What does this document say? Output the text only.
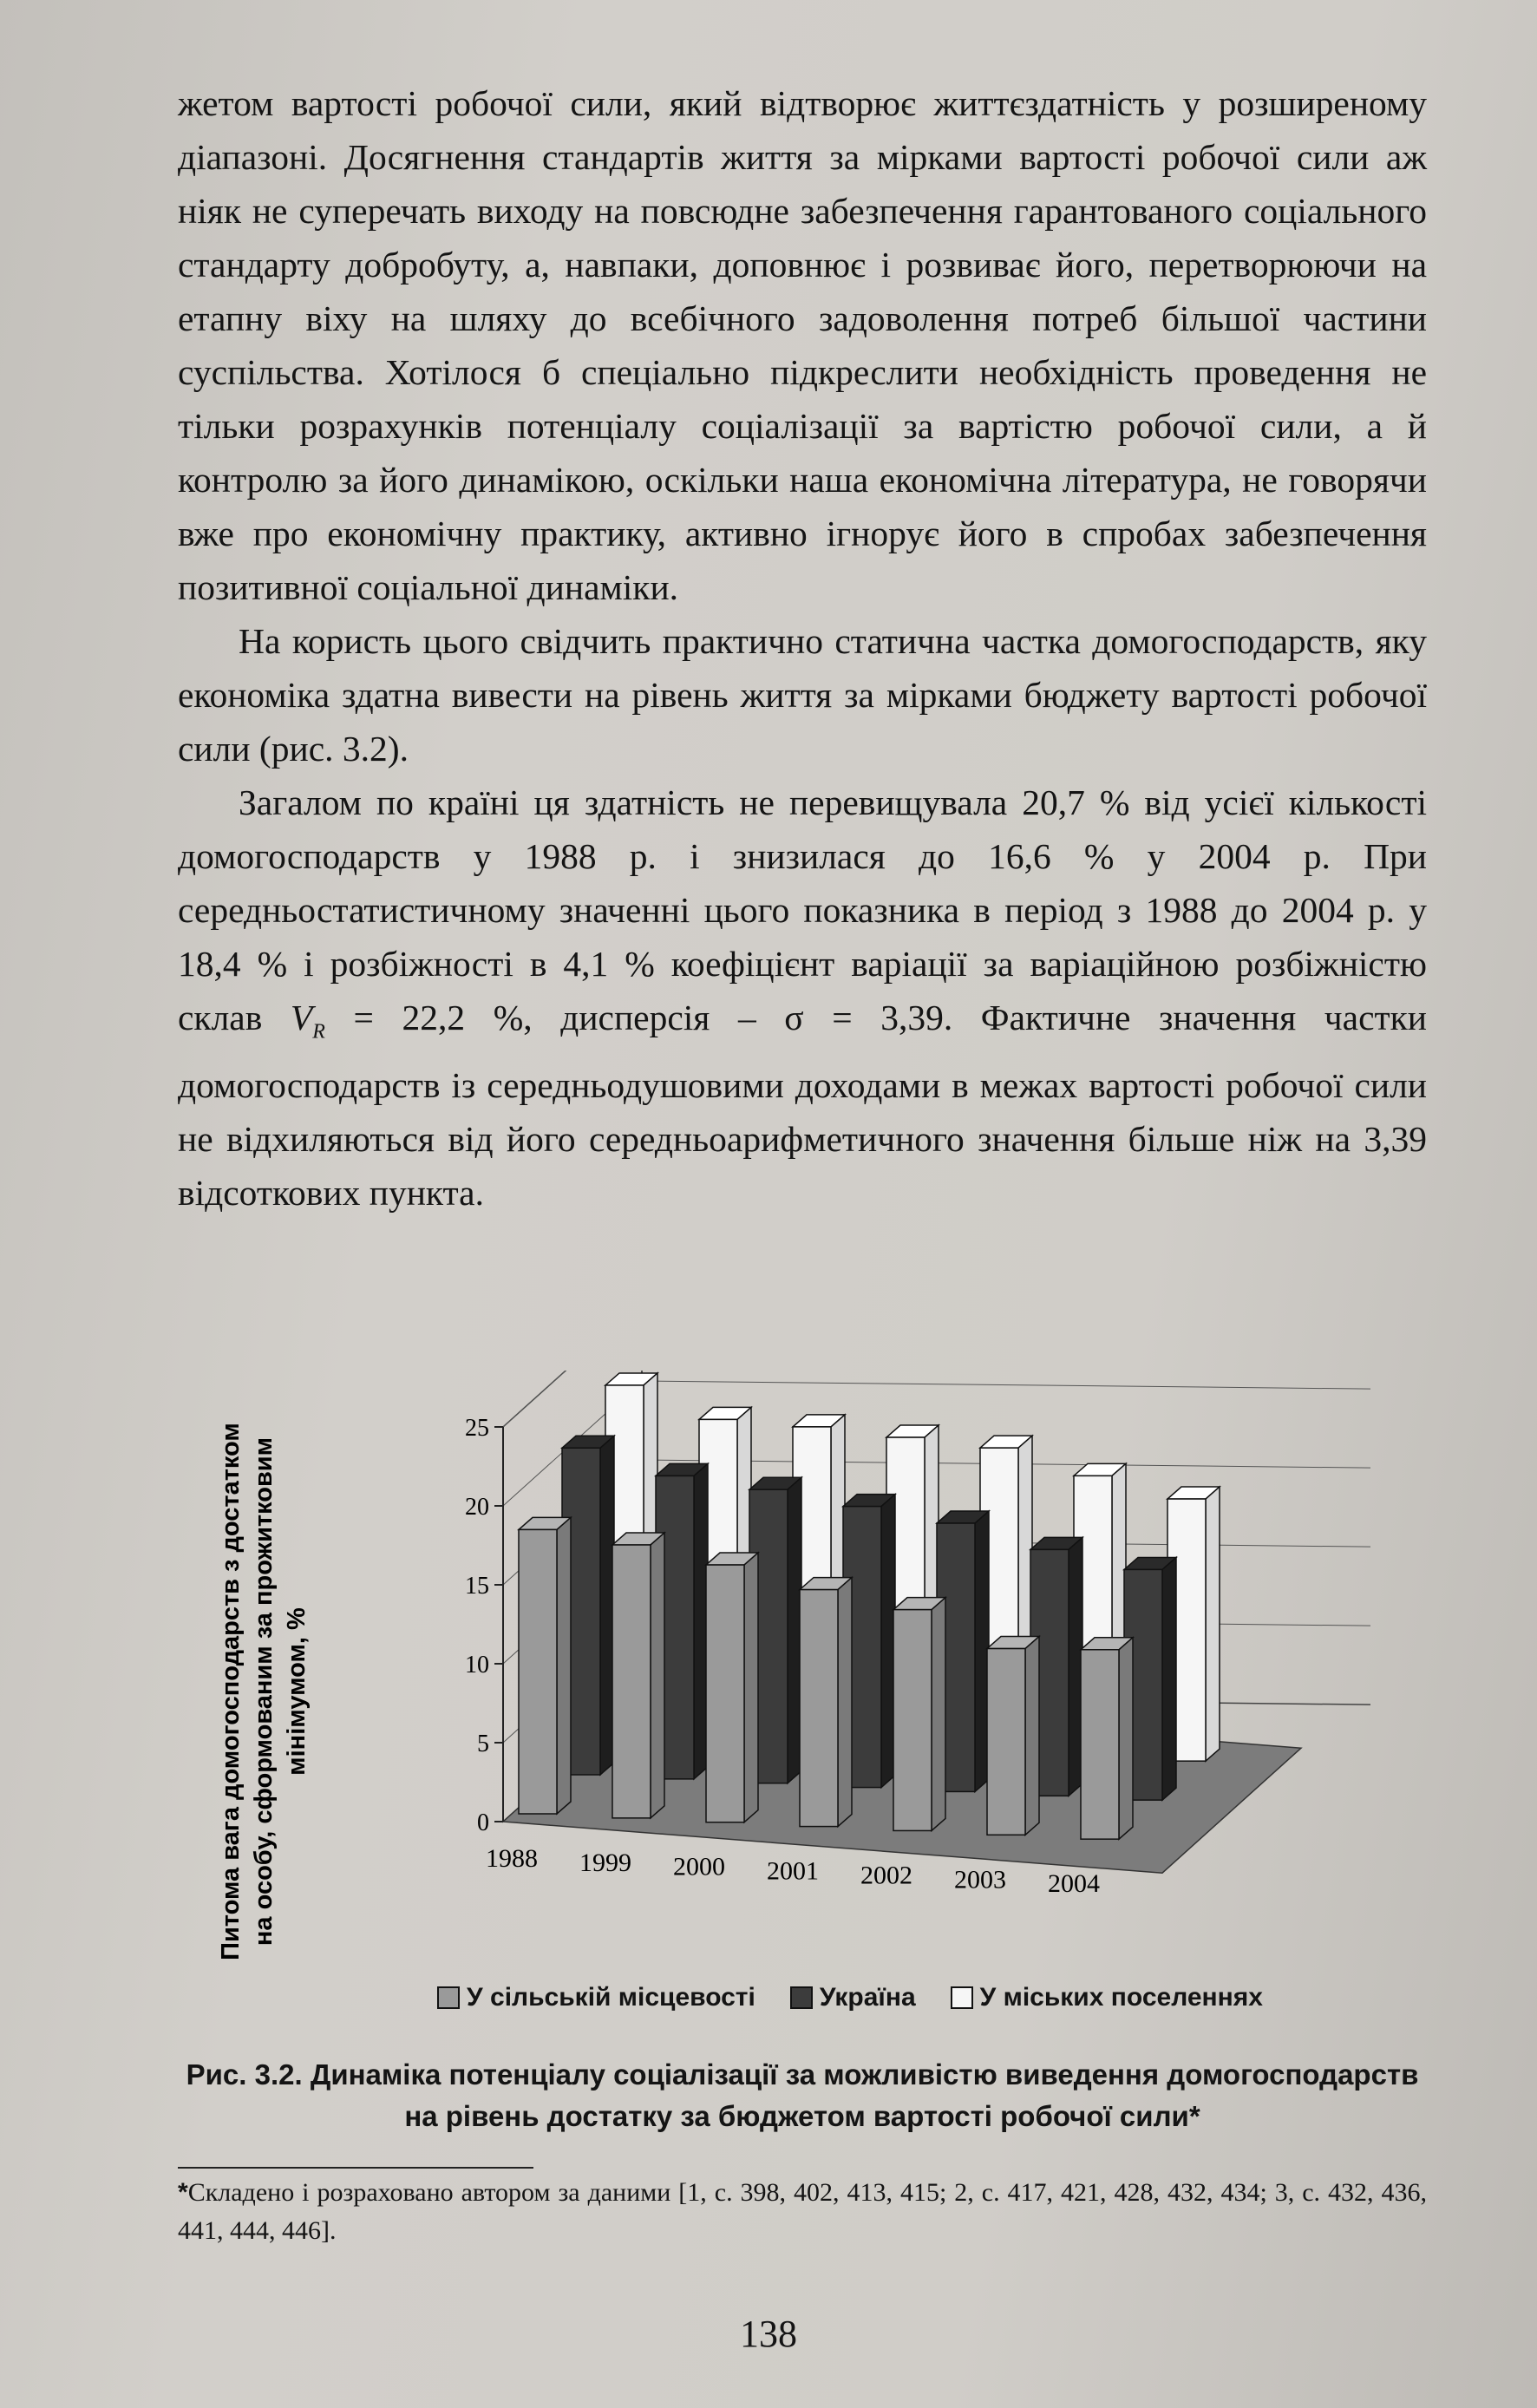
жетом вартості робочої сили, який відтворює життєздатність у розширеному діапазоні. Досягнення стандартів життя за мірками вартості робочої сили аж ніяк не суперечать виходу на повсюдне забезпечення гарантованого соціального стандарту добробуту, а, навпаки, доповнює і розвиває його, перетворюючи на етапну віху на шляху до всебічного задоволення потреб більшої частини суспільства. Хотілося б спеціально підкреслити необхідність проведення не тільки розрахунків потенціалу соціалізації за вартістю робочої сили, а й контролю за його динамікою, оскільки наша економічна література, не говорячи вже про економічну практику, активно ігнорує його в спробах забезпечення позитивної соціальної динаміки.

На користь цього свідчить практично статична частка домогосподарств, яку економіка здатна вивести на рівень життя за мірками бюджету вартості робочої сили (рис. 3.2).

Загалом по країні ця здатність не перевищувала 20,7 % від усієї кількості домогосподарств у 1988 р. і знизилася до 16,6 % у 2004 р. При середньостатистичному значенні цього показника в період з 1988 до 2004 р. у 18,4 % і розбіжності в 4,1 % коефіцієнт варіації за варіаційною розбіжністю склав $V_R = 22,2$ %, дисперсія – σ = 3,39. Фактичне значення частки домогосподарств із середньодушовими доходами в межах вартості робочої сили не відхиляються від його середньоарифметичного значення більше ніж на 3,39 відсоткових пункта.

0
5
10
15
20
25
1988 1999 2000 2001 2002 2003 2004
Питома вага домогосподарств з достатком на особу, сформованим за прожитковим мінімумом, %
У сільській місцевості Україна У міських поселеннях
Рис. 3.2. Динаміка потенціалу соціалізації за можливістю виведення домогосподарств на рівень достатку за бюджетом вартості робочої сили*
*Складено і розраховано автором за даними [1, с. 398, 402, 413, 415; 2, с. 417, 421, 428, 432, 434; 3, с. 432, 436, 441, 444, 446].
138
